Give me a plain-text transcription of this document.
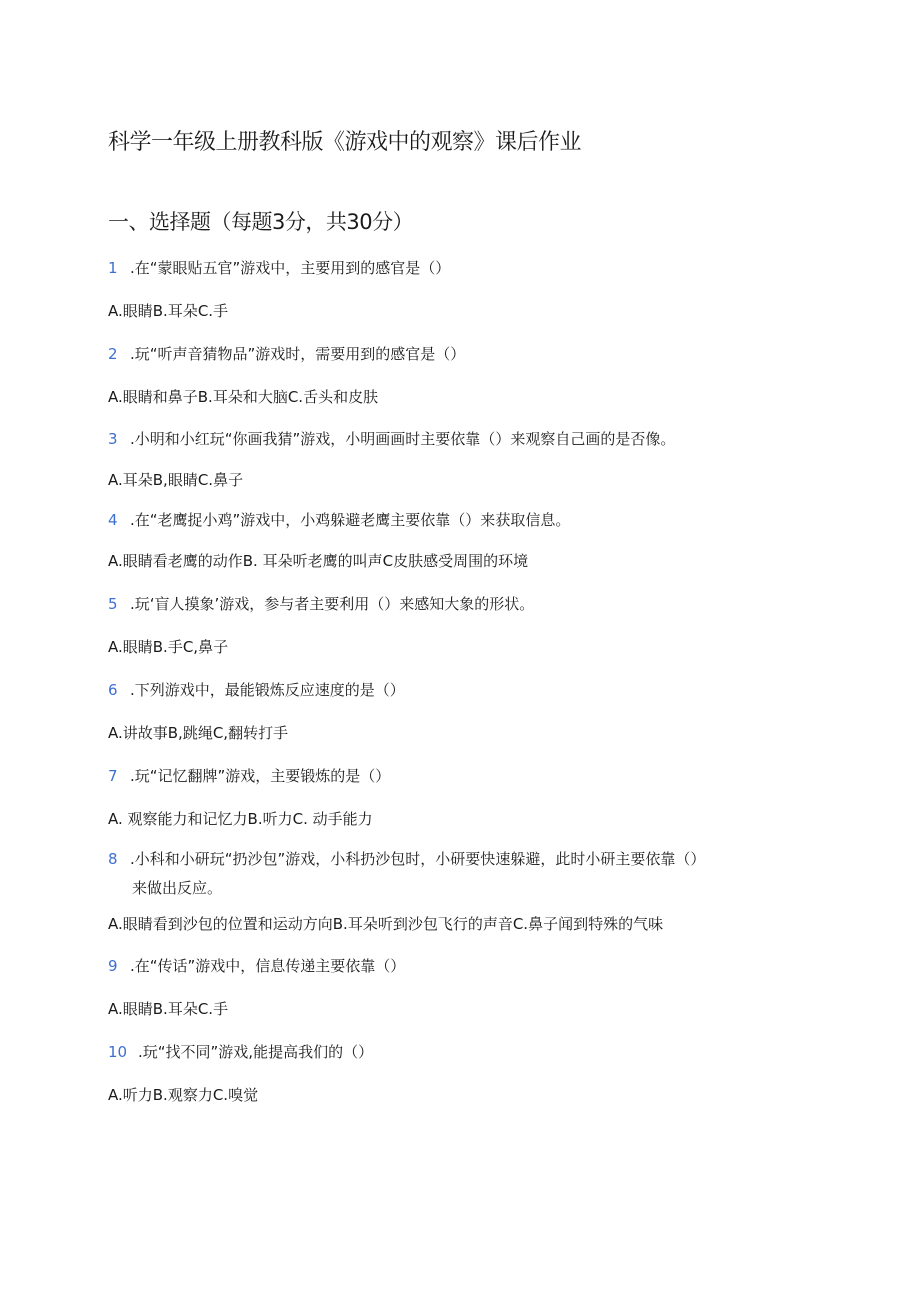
科学一年级上册教科版《游戏中的观察》课后作业
一、选择题（每题3分，共30分）
1 .在“蒙眼贴五官”游戏中，主要用到的感官是（）
A.眼睛B.耳朵C.手
2 .玩“听声音猜物品”游戏时，需要用到的感官是（）
A.眼睛和鼻子B.耳朵和大脑C.舌头和皮肤
3 .小明和小红玩“你画我猜”游戏，小明画画时主要依靠（）来观察自己画的是否像。
A.耳朵B,眼睛C.鼻子
4 .在“老鹰捉小鸡”游戏中，小鸡躲避老鹰主要依靠（）来获取信息。
A.眼睛看老鹰的动作B. 耳朵听老鹰的叫声C皮肤感受周围的环境
5 .玩‘盲人摸象’游戏，参与者主要利用（）来感知大象的形状。
A.眼睛B.手C,鼻子
6 .下列游戏中，最能锻炼反应速度的是（）
A.讲故事B,跳绳C,翻转打手
7 .玩“记忆翻牌”游戏，主要锻炼的是（）
A. 观察能力和记忆力B.听力C. 动手能力
8 .小科和小研玩“扔沙包”游戏，小科扔沙包时，小研要快速躲避，此时小研主要依靠（）
来做出反应。
A.眼睛看到沙包的位置和运动方向B.耳朵听到沙包飞行的声音C.鼻子闻到特殊的气味
9 .在“传话”游戏中，信息传递主要依靠（）
A.眼睛B.耳朵C.手
10 .玩“找不同”游戏,能提高我们的（）
A.听力B.观察力C.嗅觉
